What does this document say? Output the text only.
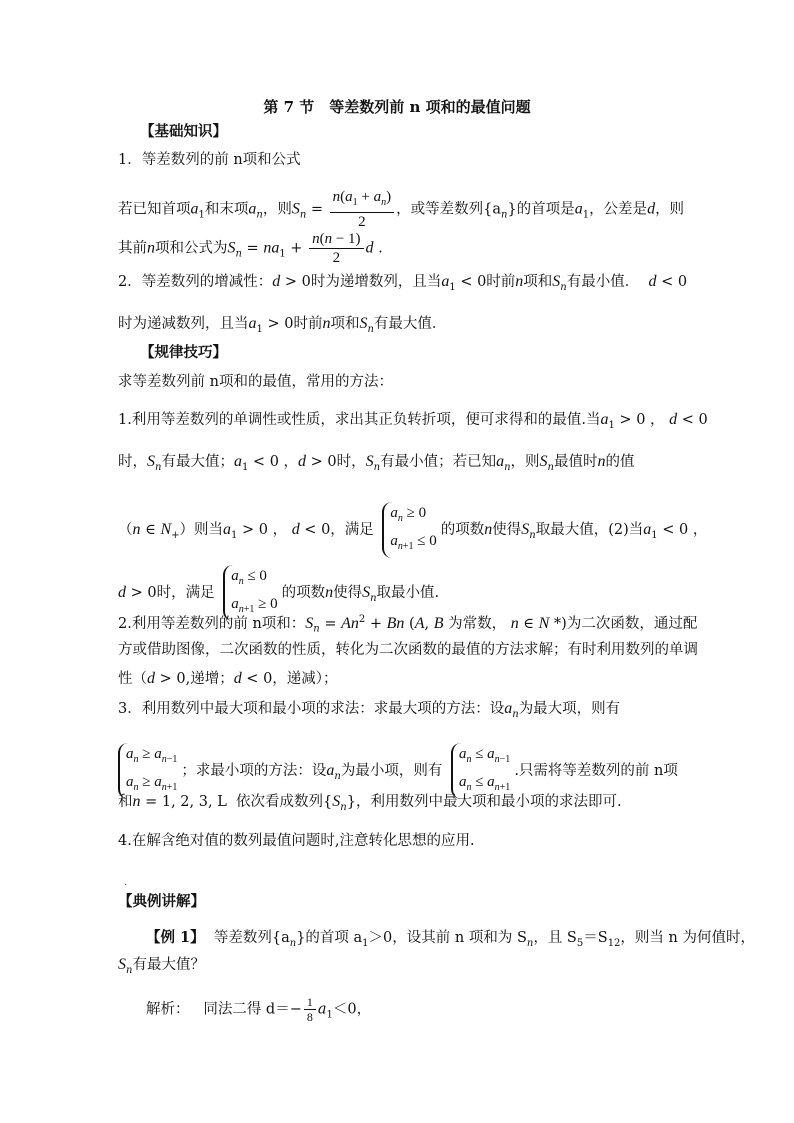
第 7 节　等差数列前 n 项和的最值问题
【基础知识】
1．等差数列的前 n项和公式
若已知首项$a_1$和末项$a_n$，则$S_n = \frac{n(a_1 + a_n)}{2}$ ，或等差数列$\{a_n\}$的首项是$a_1$，公差是d，则
其前n项和公式为$S_n = na_1 + \frac{n(n - 1)}{2}$ d .
2．等差数列的增减性：d > 0时为递增数列，且当$a_1 < 0$时前n项和$S_n$有最小值． d < 0
时为递减数列，且当$a_1 > 0$时前n项和$S_n$有最大值．
【规律技巧】
求等差数列前 n项和的最值，常用的方法：
1.利用等差数列的单调性或性质，求出其正负转折项，便可求得和的最值.当$a_1 > 0$ ， d < 0
时，$S_n$有最大值；$a_1 < 0$ ，d > 0时，$S_n$有最小值；若已知$a_n$，则$S_n$最值时n的值
（n ∈ $N_+$）则当$a_1 > 0$ ， d < 0，满足
$a_n \ge 0$
$a_{n+1} \le 0$
的项数n使得$S_n$取最大值，(2)当$a_1 < 0$ ，
d > 0时，满足
$a_n \le 0$
$a_{n+1} \ge 0$
的项数n使得$S_n$取最小值.
2.利用等差数列的前 n项和：$S_n = An^2 + Bn$ (A, B 为常数， n ∈ N *)为二次函数，通过配
方或借助图像，二次函数的性质，转化为二次函数的最值的方法求解；有时利用数列的单调
性（d > 0,递增；d < 0，递减）；
3．利用数列中最大项和最小项的求法：求最大项的方法：设$a_n$为最大项，则有
$a_n \ge a_{n-1}$
$a_n \ge a_{n+1}$
；求最小项的方法：设$a_n$为最小项，则有
$a_n \le a_{n-1}$
$a_n \le a_{n+1}$
.只需将等差数列的前 n项
和n = 1, 2, 3, L  依次看成数列$\{S_n\}$，利用数列中最大项和最小项的求法即可.
4.在解含绝对值的数列最值问题时,注意转化思想的应用.
·
【典例讲解】
【例 1】 等差数列$\{a_n\}$的首项 $a_1>0$，设其前 n 项和为 $S_n$，且 $S_5=S_{12}$，则当 n 为何值时，
$S_n$有最大值？
解析： 同法二得 $d=- \frac{1}{8} a_1<0$，
